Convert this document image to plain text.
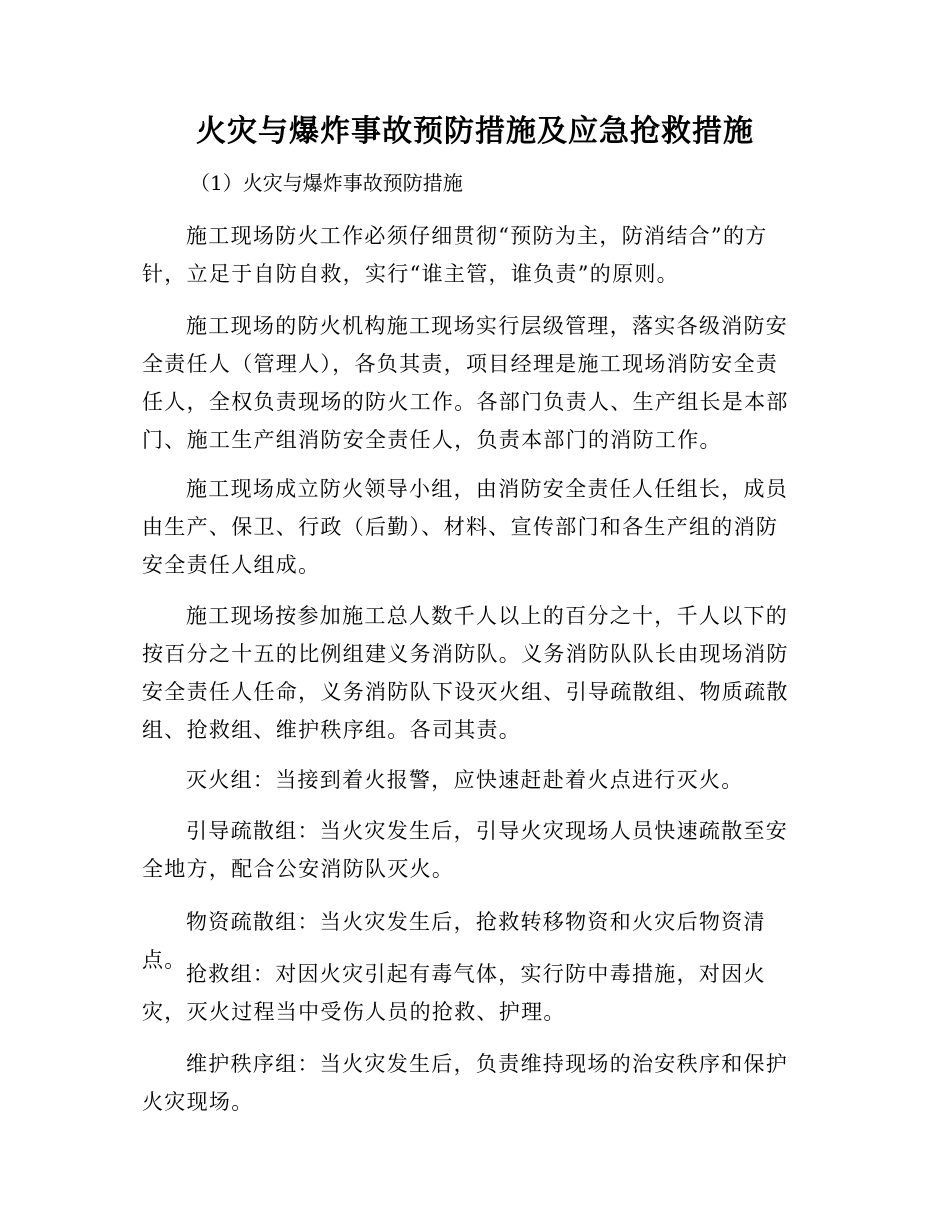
火灾与爆炸事故预防措施及应急抢救措施

（1）火灾与爆炸事故预防措施

施工现场防火工作必须仔细贯彻“预防为主，防消结合”的方针，立足于自防自救，实行“谁主管，谁负责”的原则。

施工现场的防火机构施工现场实行层级管理，落实各级消防安全责任人（管理人），各负其责，项目经理是施工现场消防安全责任人，全权负责现场的防火工作。各部门负责人、生产组长是本部门、施工生产组消防安全责任人，负责本部门的消防工作。

施工现场成立防火领导小组，由消防安全责任人任组长，成员由生产、保卫、行政（后勤）、材料、宣传部门和各生产组的消防安全责任人组成。

施工现场按参加施工总人数千人以上的百分之十，千人以下的按百分之十五的比例组建义务消防队。义务消防队队长由现场消防安全责任人任命，义务消防队下设灭火组、引导疏散组、物质疏散组、抢救组、维护秩序组。各司其责。

灭火组：当接到着火报警，应快速赶赴着火点进行灭火。

引导疏散组：当火灾发生后，引导火灾现场人员快速疏散至安全地方，配合公安消防队灭火。

物资疏散组：当火灾发生后，抢救转移物资和火灾后物资清点。

抢救组：对因火灾引起有毒气体，实行防中毒措施，对因火灾，灭火过程当中受伤人员的抢救、护理。

维护秩序组：当火灾发生后，负责维持现场的治安秩序和保护火灾现场。
